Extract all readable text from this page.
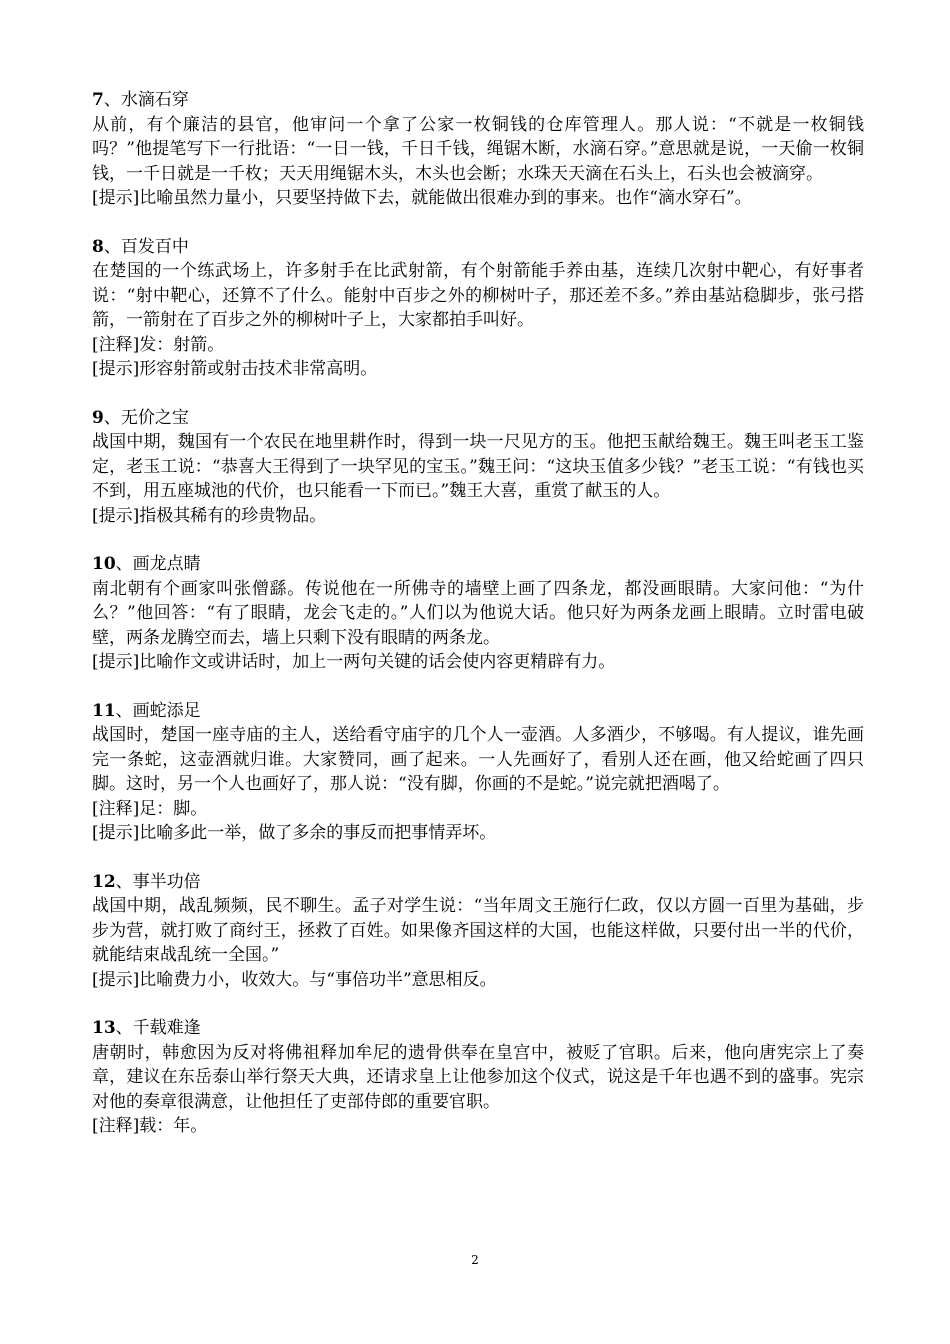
7、水滴石穿

从前，有个廉洁的县官，他审问一个拿了公家一枚铜钱的仓库管理人。那人说：“不就是一枚铜钱吗？”他提笔写下一行批语：“一日一钱，千日千钱，绳锯木断，水滴石穿。”意思就是说，一天偷一枚铜钱，一千日就是一千枚；天天用绳锯木头，木头也会断；水珠天天滴在石头上，石头也会被滴穿。

[提示]比喻虽然力量小，只要坚持做下去，就能做出很难办到的事来。也作“滴水穿石”。

8、百发百中

在楚国的一个练武场上，许多射手在比武射箭，有个射箭能手养由基，连续几次射中靶心，有好事者说：“射中靶心，还算不了什么。能射中百步之外的柳树叶子，那还差不多。”养由基站稳脚步，张弓搭箭，一箭射在了百步之外的柳树叶子上，大家都拍手叫好。

[注释]发：射箭。

[提示]形容射箭或射击技术非常高明。

9、无价之宝

战国中期，魏国有一个农民在地里耕作时，得到一块一尺见方的玉。他把玉献给魏王。魏王叫老玉工鉴定，老玉工说：“恭喜大王得到了一块罕见的宝玉。”魏王问：“这块玉值多少钱？”老玉工说：“有钱也买不到，用五座城池的代价，也只能看一下而已。”魏王大喜，重赏了献玉的人。

[提示]指极其稀有的珍贵物品。

10、画龙点睛

南北朝有个画家叫张僧繇。传说他在一所佛寺的墙壁上画了四条龙，都没画眼睛。大家问他：“为什么？”他回答：“有了眼睛，龙会飞走的。”人们以为他说大话。他只好为两条龙画上眼睛。立时雷电破壁，两条龙腾空而去，墙上只剩下没有眼睛的两条龙。

[提示]比喻作文或讲话时，加上一两句关键的话会使内容更精辟有力。

11、画蛇添足

战国时，楚国一座寺庙的主人，送给看守庙宇的几个人一壶酒。人多酒少，不够喝。有人提议，谁先画完一条蛇，这壶酒就归谁。大家赞同，画了起来。一人先画好了，看别人还在画，他又给蛇画了四只脚。这时，另一个人也画好了，那人说：“没有脚，你画的不是蛇。”说完就把酒喝了。

[注释]足：脚。

[提示]比喻多此一举，做了多余的事反而把事情弄坏。

12、事半功倍

战国中期，战乱频频，民不聊生。孟子对学生说：“当年周文王施行仁政，仅以方圆一百里为基础，步步为营，就打败了商纣王，拯救了百姓。如果像齐国这样的大国，也能这样做，只要付出一半的代价，就能结束战乱统一全国。”

[提示]比喻费力小，收效大。与“事倍功半”意思相反。

13、千载难逢

唐朝时，韩愈因为反对将佛祖释加牟尼的遗骨供奉在皇宫中，被贬了官职。后来，他向唐宪宗上了奏章，建议在东岳泰山举行祭天大典，还请求皇上让他参加这个仪式，说这是千年也遇不到的盛事。宪宗对他的奏章很满意，让他担任了吏部侍郎的重要官职。

[注释]载：年。

2
